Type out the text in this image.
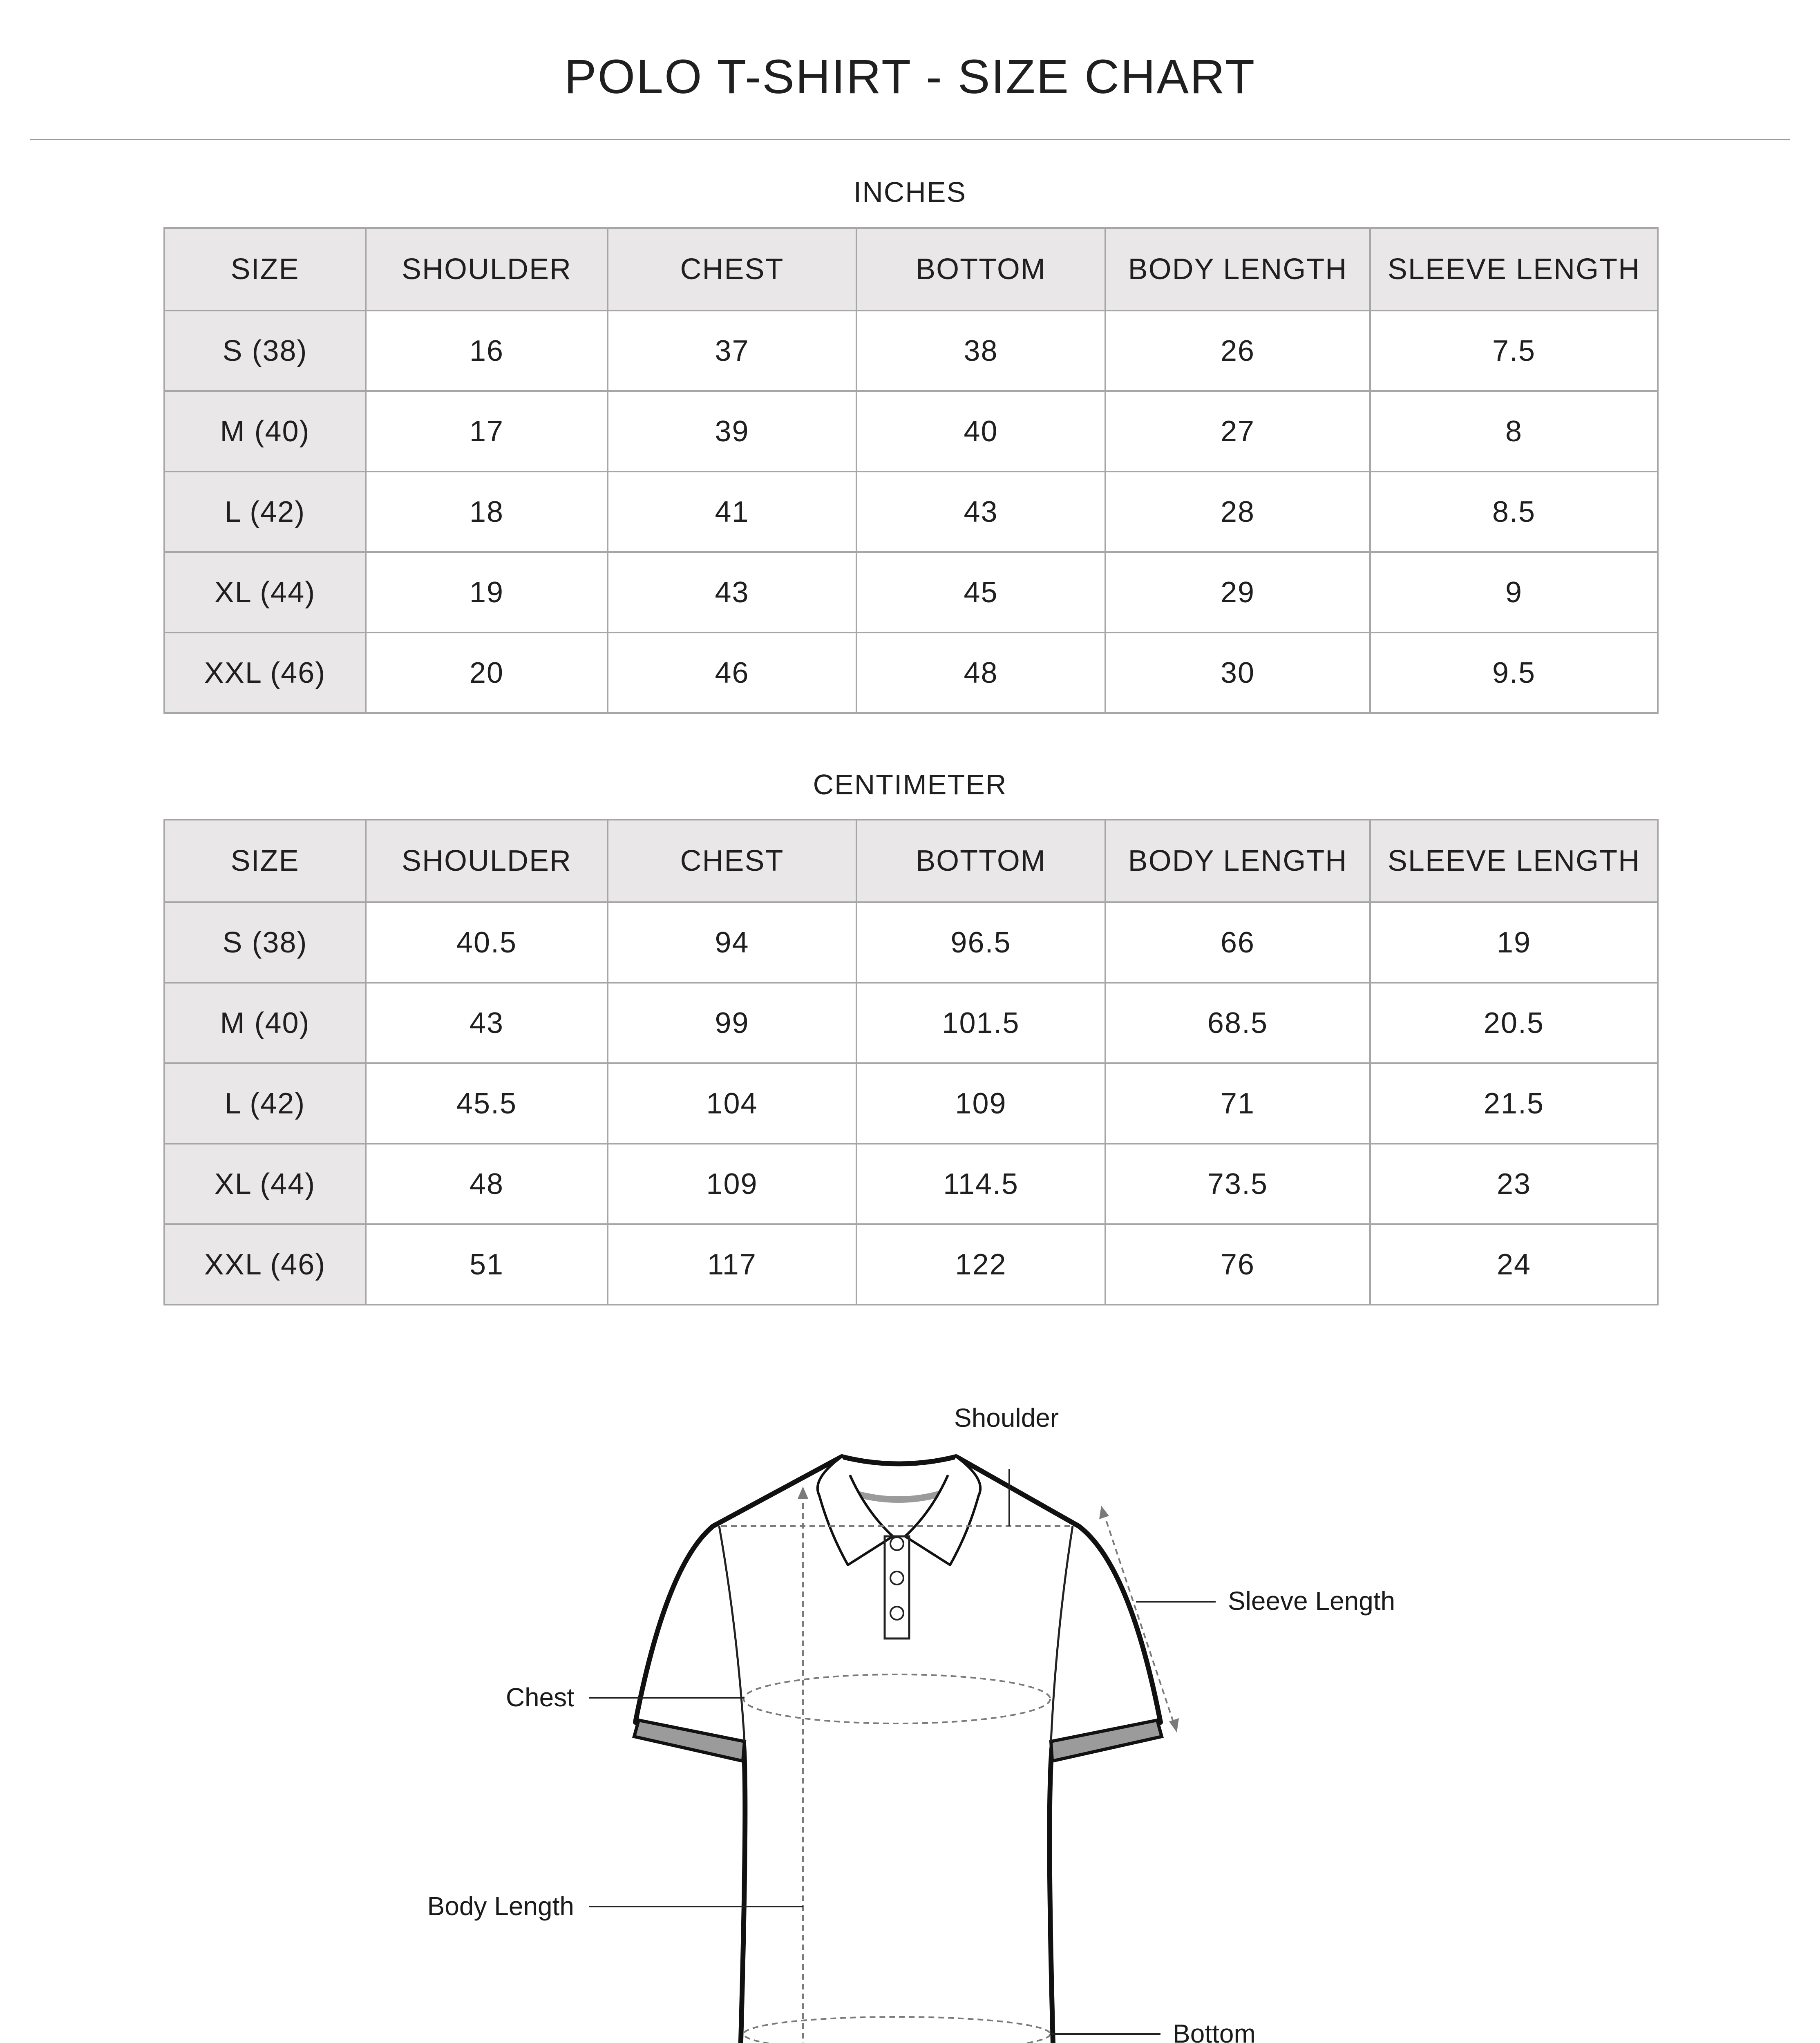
POLO T-SHIRT - SIZE CHART
INCHES
SIZE	SHOULDER	CHEST	BOTTOM	BODY LENGTH	SLEEVE LENGTH
S (38)	16	37	38	26	7.5
M (40)	17	39	40	27	8
L (42)	18	41	43	28	8.5
XL (44)	19	43	45	29	9
XXL (46)	20	46	48	30	9.5
CENTIMETER
SIZE	SHOULDER	CHEST	BOTTOM	BODY LENGTH	SLEEVE LENGTH
S (38)	40.5	94	96.5	66	19
M (40)	43	99	101.5	68.5	20.5
L (42)	45.5	104	109	71	21.5
XL (44)	48	109	114.5	73.5	23
XXL (46)	51	117	122	76	24
Shoulder
Sleeve Length
Chest
Body Length
Bottom
